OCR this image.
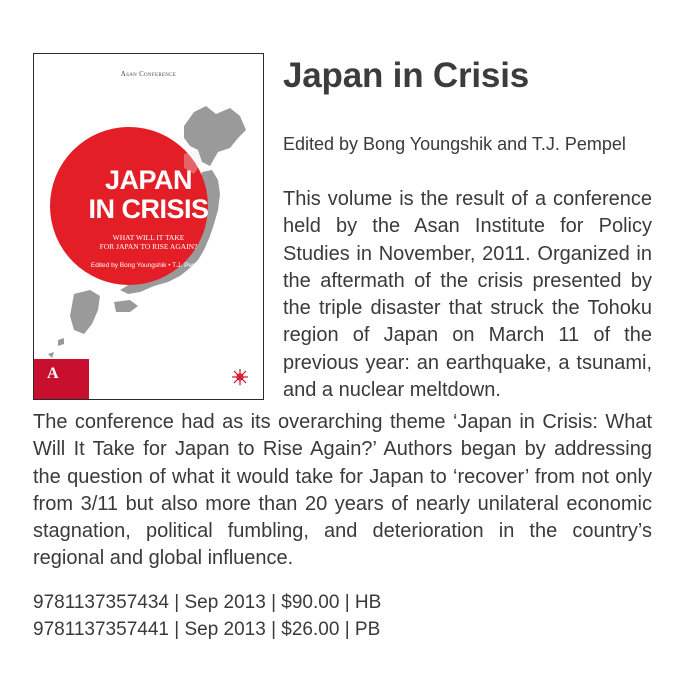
Asan Conference
JAPAN
IN CRISIS
WHAT WILL IT TAKE
FOR JAPAN TO RISE AGAIN?
Edited by Bong Youngshik • T.J. Pempel
A
Japan in Crisis

Edited by Bong Youngshik and T.J. Pempel

This volume is the result of a conference held by the Asan Institute for Policy Studies in November, 2011. Organized in the aftermath of the crisis presented by the triple disaster that struck the Tohoku region of Japan on March 11 of the previous year: an earthquake, a tsunami, and a nuclear meltdown.

The conference had as its overarching theme ‘Japan in Crisis: What Will It Take for Japan to Rise Again?’ Authors began by addressing the question of what it would take for Japan to ‘recover’ from not only from 3/11 but also more than 20 years of nearly unilateral economic stagnation, political fumbling, and deterioration in the country’s regional and global influence.

9781137357434 | Sep 2013 | $90.00 | HB
9781137357441 | Sep 2013 | $26.00 | PB
